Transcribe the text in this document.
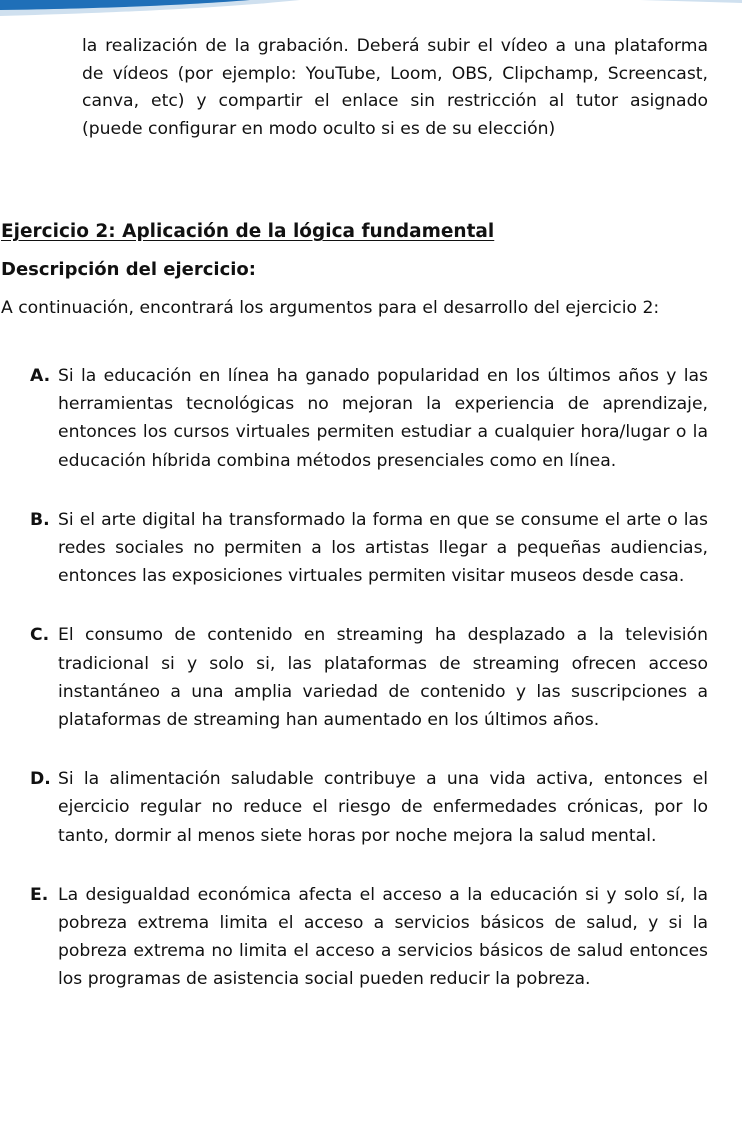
la realización de la grabación. Deberá subir el vídeo a una plataforma de vídeos (por ejemplo: YouTube, Loom, OBS, Clipchamp, Screencast, canva, etc) y compartir el enlace sin restricción al tutor asignado (puede configurar en modo oculto si es de su elección)

Ejercicio 2: Aplicación de la lógica fundamental
Descripción del ejercicio:

A continuación, encontrará los argumentos para el desarrollo del ejercicio 2:

A. Si la educación en línea ha ganado popularidad en los últimos años y las herramientas tecnológicas no mejoran la experiencia de aprendizaje, entonces los cursos virtuales permiten estudiar a cualquier hora/lugar o la educación híbrida combina métodos presenciales como en línea.
B. Si el arte digital ha transformado la forma en que se consume el arte o las redes sociales no permiten a los artistas llegar a pequeñas audiencias, entonces las exposiciones virtuales permiten visitar museos desde casa.
C. El consumo de contenido en streaming ha desplazado a la televisión tradicional si y solo si, las plataformas de streaming ofrecen acceso instantáneo a una amplia variedad de contenido y las suscripciones a plataformas de streaming han aumentado en los últimos años.
D. Si la alimentación saludable contribuye a una vida activa, entonces el ejercicio regular no reduce el riesgo de enfermedades crónicas, por lo tanto, dormir al menos siete horas por noche mejora la salud mental.
E. La desigualdad económica afecta el acceso a la educación si y solo sí, la pobreza extrema limita el acceso a servicios básicos de salud, y si la pobreza extrema no limita el acceso a servicios básicos de salud entonces los programas de asistencia social pueden reducir la pobreza.
